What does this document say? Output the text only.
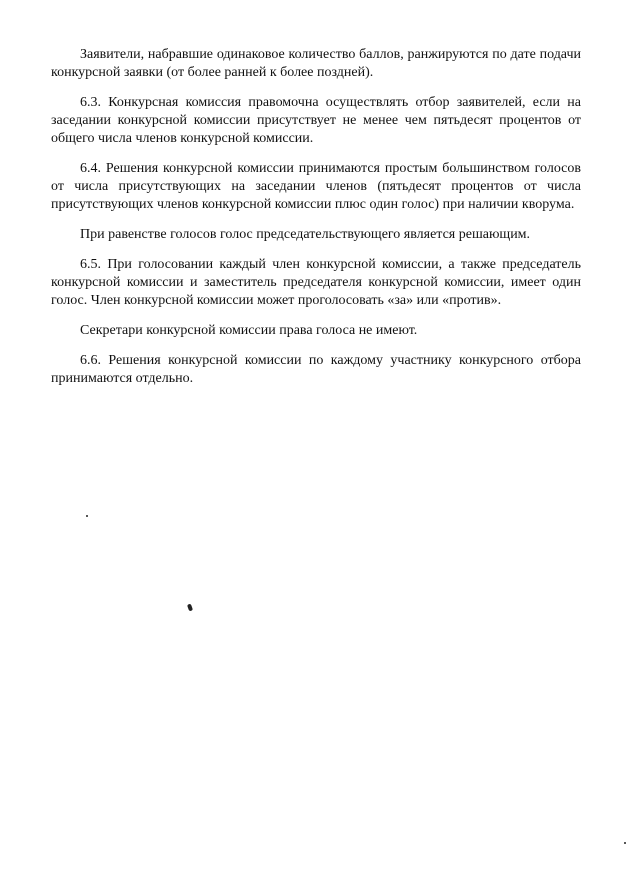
Заявители, набравшие одинаковое количество баллов, ранжируются по дате подачи конкурсной заявки (от более ранней к более поздней).

6.3. Конкурсная комиссия правомочна осуществлять отбор заявителей, если на заседании конкурсной комиссии присутствует не менее чем пятьдесят процентов от общего числа членов конкурсной комиссии.

6.4. Решения конкурсной комиссии принимаются простым большинством голосов от числа присутствующих на заседании членов (пятьдесят процентов от числа присутствующих членов конкурсной комиссии плюс один голос) при наличии кворума.

При равенстве голосов голос председательствующего является решающим.

6.5. При голосовании каждый член конкурсной комиссии, а также председатель конкурсной комиссии и заместитель председателя конкурсной комиссии, имеет один голос. Член конкурсной комиссии может проголосовать «за» или «против».

Секретари конкурсной комиссии права голоса не имеют.

6.6. Решения конкурсной комиссии по каждому участнику конкурсного отбора принимаются отдельно.
